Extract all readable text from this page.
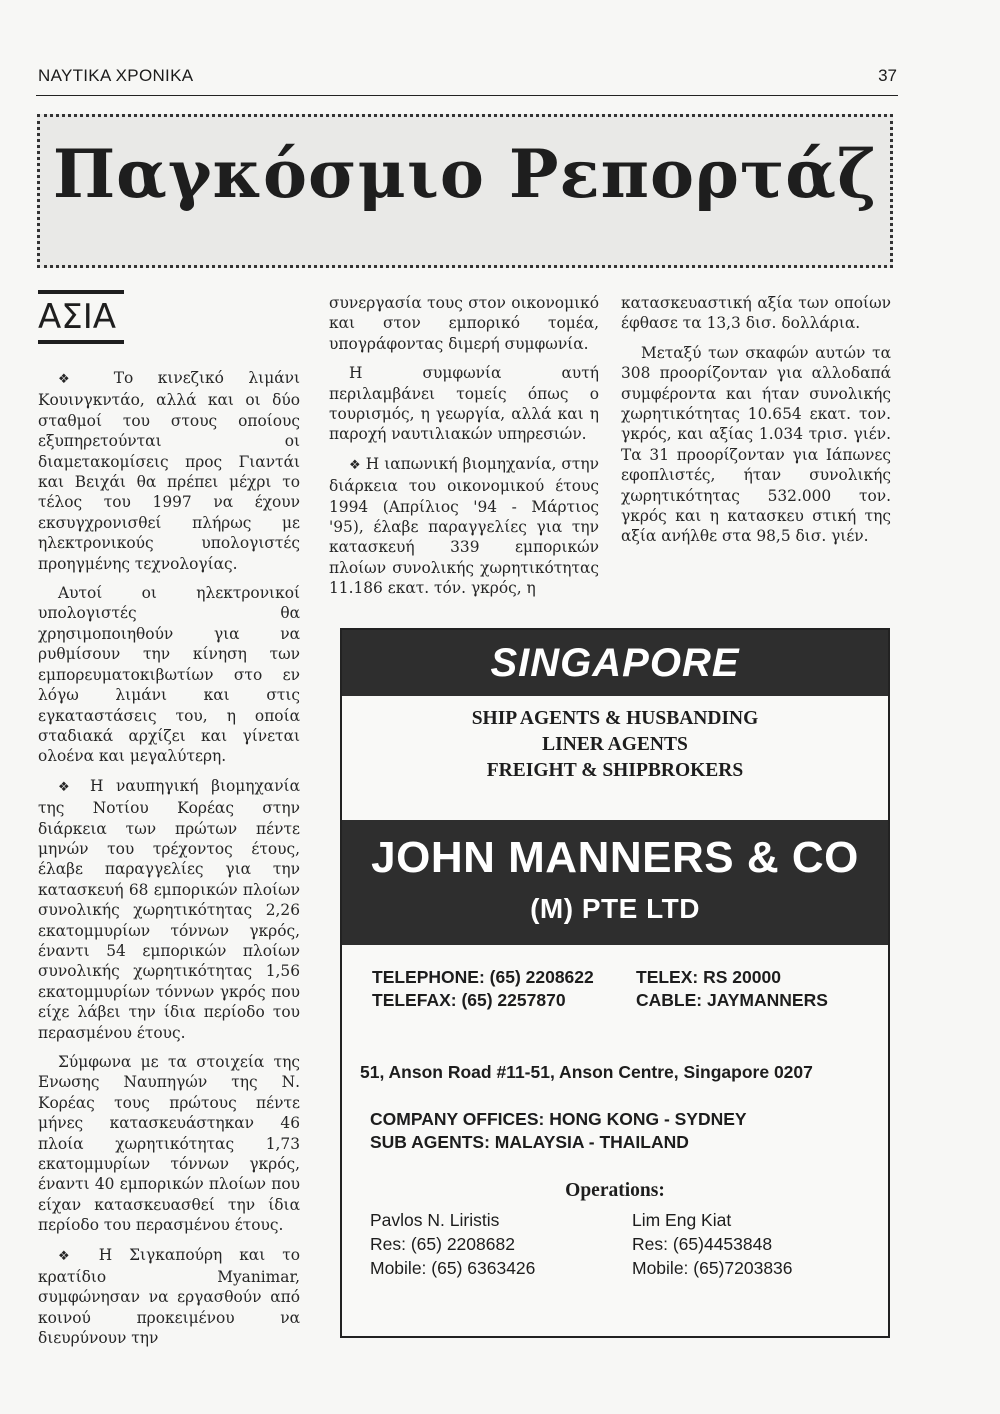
ΝΑΥΤΙΚΑ ΧΡΟΝΙΚΑ	37
Παγκόσμιο Ρεπορτάζ
ΑΣΙΑ

❖ Το κινεζικό λιμάνι Κουινγκντάο, αλλά και οι δύο σταθμοί του στους οποίους εξυπηρετούνται οι διαμετακομίσεις προς Γιαντάι και Βειχάι θα πρέπει μέχρι το τέλος του 1997 να έχουν εκσυγχρονισθεί πλήρως με ηλεκτρονικούς υπολογιστές προηγμένης τεχνολογίας.

Αυτοί οι ηλεκτρονικοί υπολογιστές θα χρησιμοποιηθούν για να ρυθμίσουν την κίνηση των εμπορευματοκιβωτίων στο εν λόγω λιμάνι και στις εγκαταστάσεις του, η οποία σταδιακά αρχίζει και γίνεται ολοένα και μεγαλύτερη.

❖ Η ναυπηγική βιομηχανία της Νοτίου Κορέας στην διάρκεια των πρώτων πέντε μηνών του τρέχοντος έτους, έλαβε παραγγελίες για την κατασκευή 68 εμπορικών πλοίων συνολικής χωρητικότητας 2,26 εκατομμυρίων τόννων γκρός, έναντι 54 εμπορικών πλοίων συνολικής χωρητικότητας 1,56 εκατομμυρίων τόννων γκρός που είχε λάβει την ίδια περίοδο του περασμένου έτους.

Σύμφωνα με τα στοιχεία της Ενωσης Ναυπηγών της Ν. Κορέας τους πρώτους πέντε μήνες κατασκευάστηκαν 46 πλοία χωρητικότητας 1,73 εκατομμυρίων τόννων γκρός, έναντι 40 εμπορικών πλοίων που είχαν κατασκευασθεί την ίδια περίοδο του περασμένου έτους.

❖ Η Σιγκαπούρη και το κρατίδιο Myanimar, συμφώνησαν να εργασθούν από κοινού προκειμένου να διευρύνουν την

συνεργασία τους στον οικονομικό και στον εμπορικό τομέα, υπογράφοντας διμερή συμφωνία.

Η συμφωνία αυτή περιλαμβάνει τομείς όπως ο τουρισμός, η γεωργία, αλλά και η παροχή ναυτιλιακών υπηρεσιών.

❖ Η ιαπωνική βιομηχανία, στην διάρκεια του οικονομικού έτους 1994 (Απρίλιος '94 - Μάρτιος '95), έλαβε παραγγελίες για την κατασκευή 339 εμπορικών πλοίων συνολικής χωρητικότητας 11.186 εκατ. τόν. γκρός, η

κατασκευαστική αξία των οποίων έφθασε τα 13,3 δισ. δολλάρια.

Μεταξύ των σκαφών αυτών τα 308 προορίζονταν για αλλοδαπά συμφέροντα και ήταν συνολικής χωρητικότητας 10.654 εκατ. τον. γκρός, και αξίας 1.034 τρισ. γιέν. Τα 31 προορίζονταν για Ιάπωνες εφοπλιστές, ήταν συνολικής χωρητικότητας 532.000 τον. γκρός και η κατασκευ στική της αξία ανήλθε στα 98,5 δισ. γιέν.

SINGAPORE
SHIP AGENTS & HUSBANDING
LINER AGENTS
FREIGHT & SHIPBROKERS
JOHN MANNERS & CO
(M) PTE LTD
TELEPHONE: (65) 2208622 TELEX: RS 20000
TELEFAX: (65) 2257870	CABLE: JAYMANNERS
51, Anson Road #11-51, Anson Centre, Singapore 0207
COMPANY OFFICES: HONG KONG - SYDNEY
SUB AGENTS: MALAYSIA - THAILAND
Operations:
Pavlos N. Liristis
Res: (65) 2208682
Mobile: (65) 6363426
Lim Eng Kiat
Res: (65)4453848
Mobile: (65)7203836
